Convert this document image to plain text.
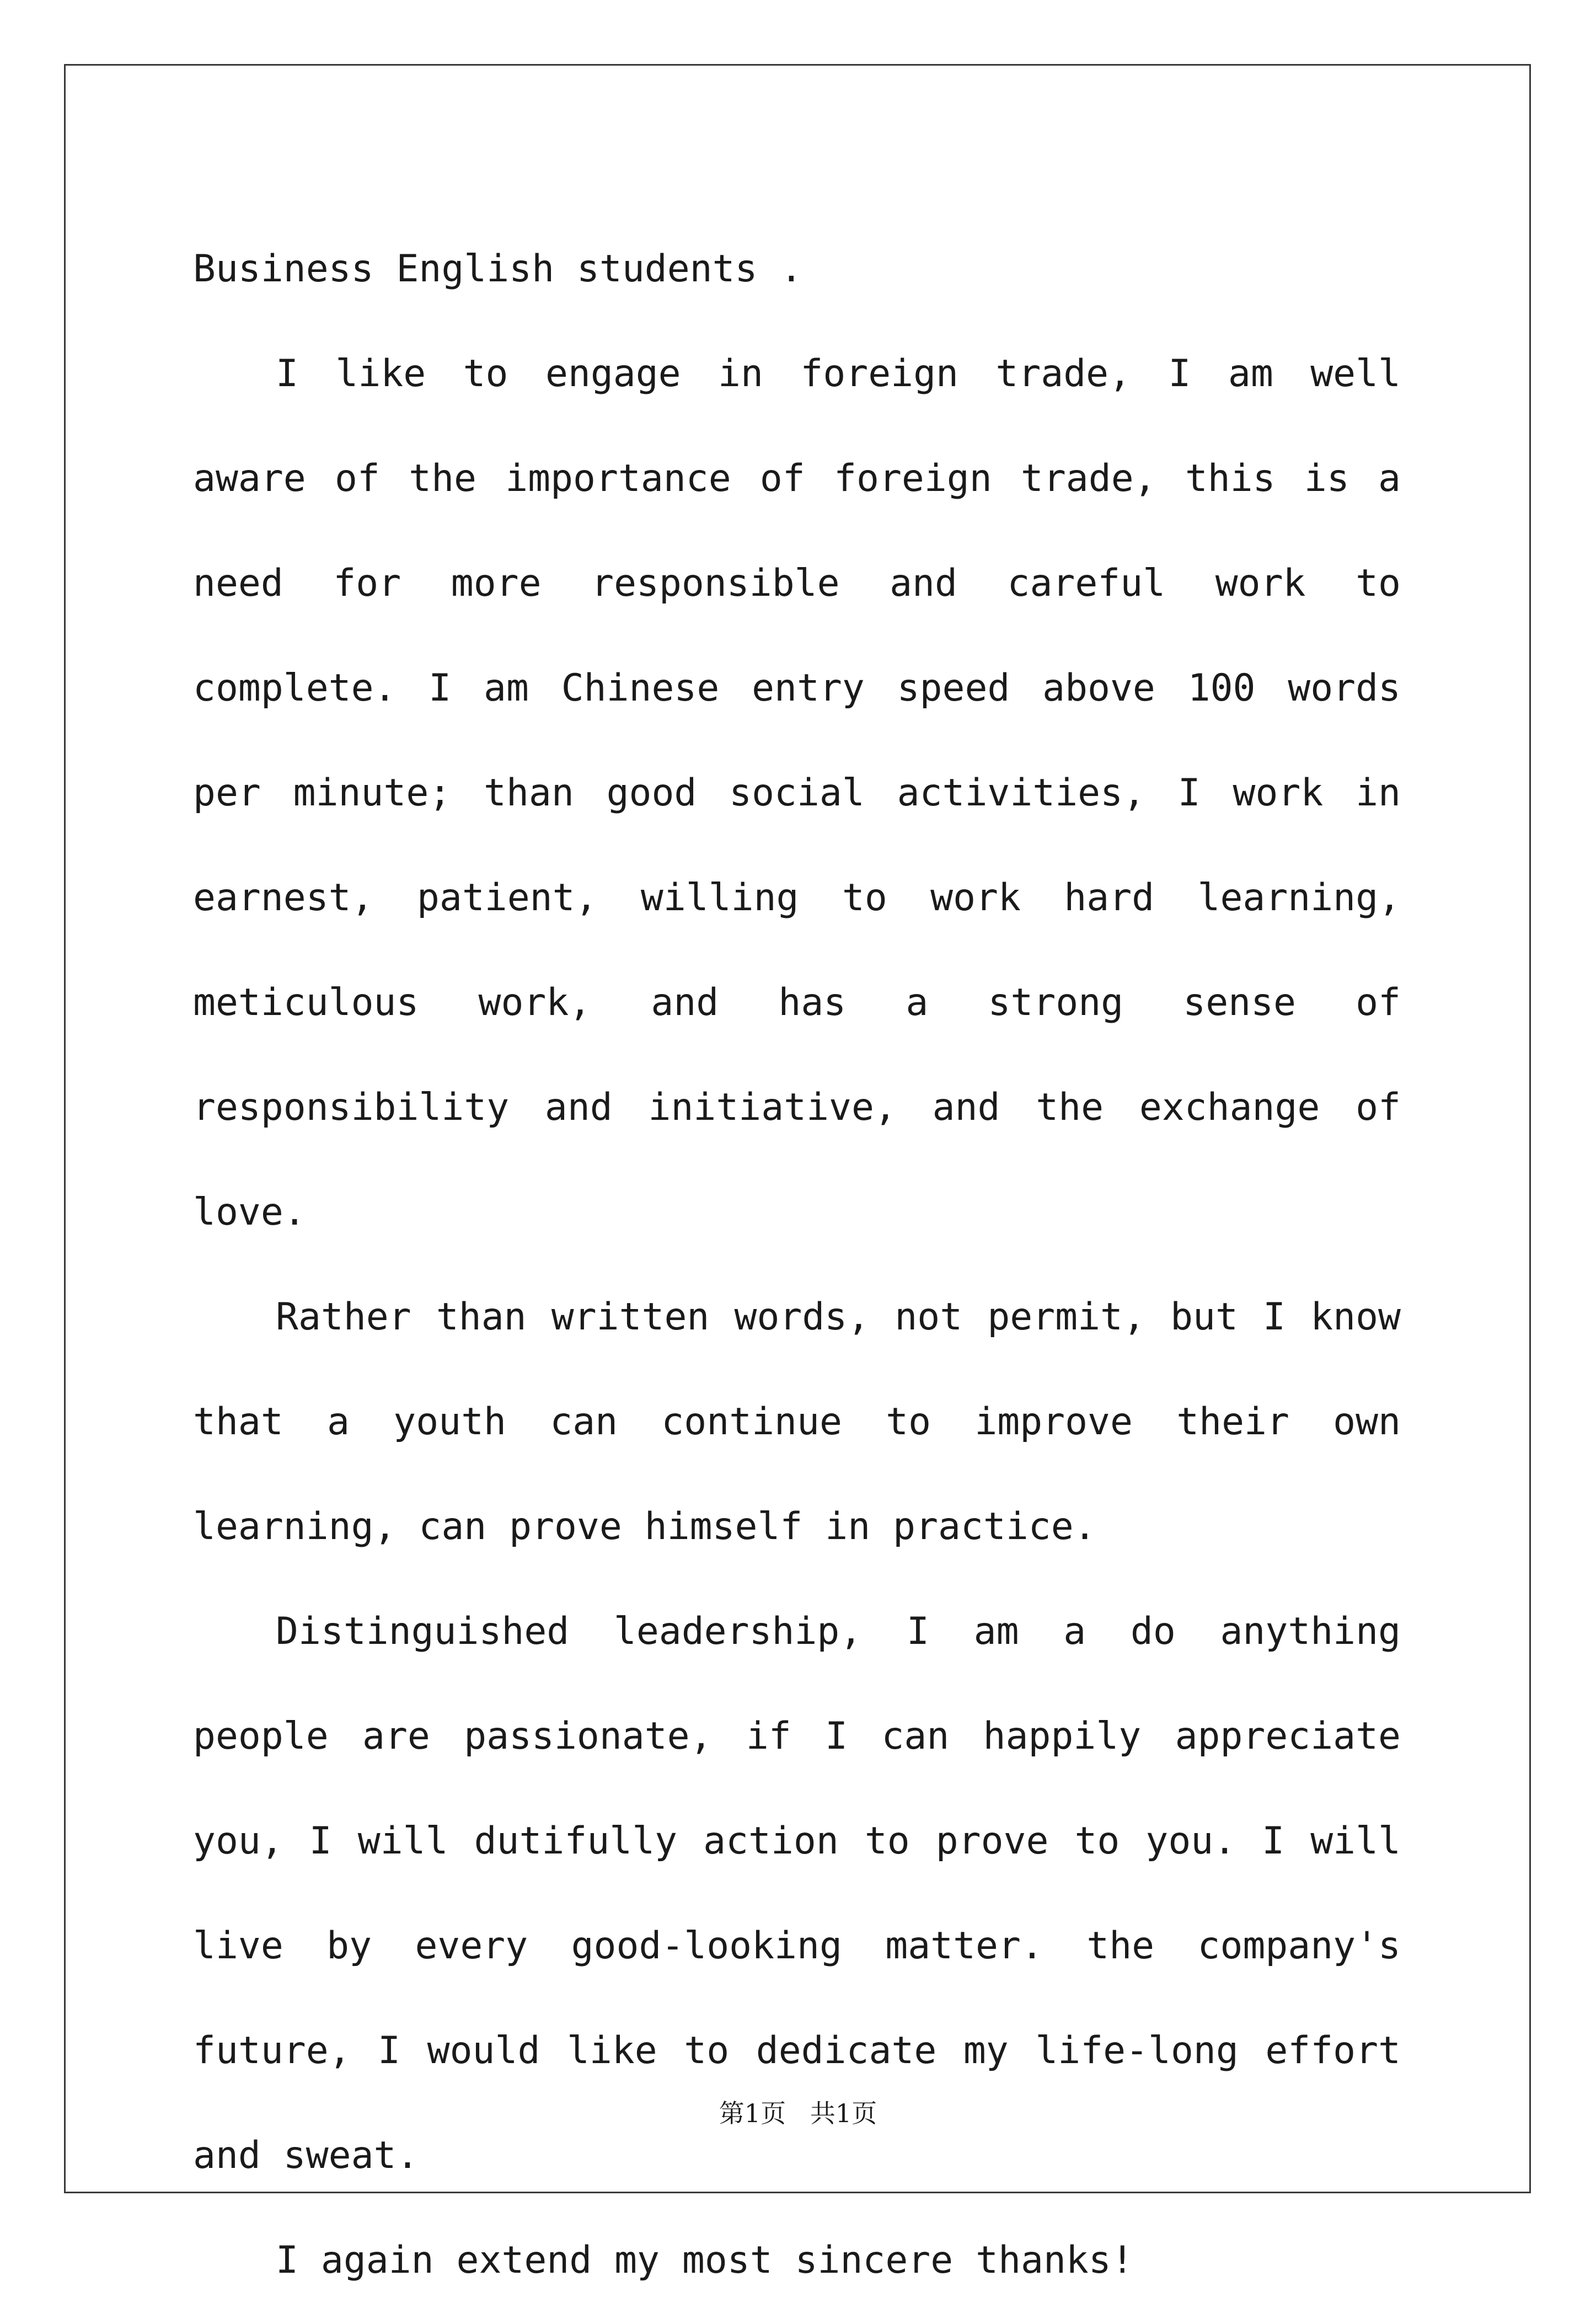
Business English students .

I like to engage in foreign trade, I am well aware of the importance of foreign trade, this is a need for more responsible and careful work to complete. I am Chinese entry speed above 100 words per minute; than good social activities, I work in earnest, patient, willing to work hard learning, meticulous work, and has a strong sense of responsibility and initiative, and the exchange of love.

Rather than written words, not permit, but I know that a youth can continue to improve their own learning, can prove himself in practice.

Distinguished leadership, I am a do anything people are passionate, if I can happily appreciate you, I will dutifully action to prove to you. I will live by every good-looking matter. the company's future, I would like to dedicate my life-long effort and sweat.

I again extend my most sincere thanks!

第1页   共1页
